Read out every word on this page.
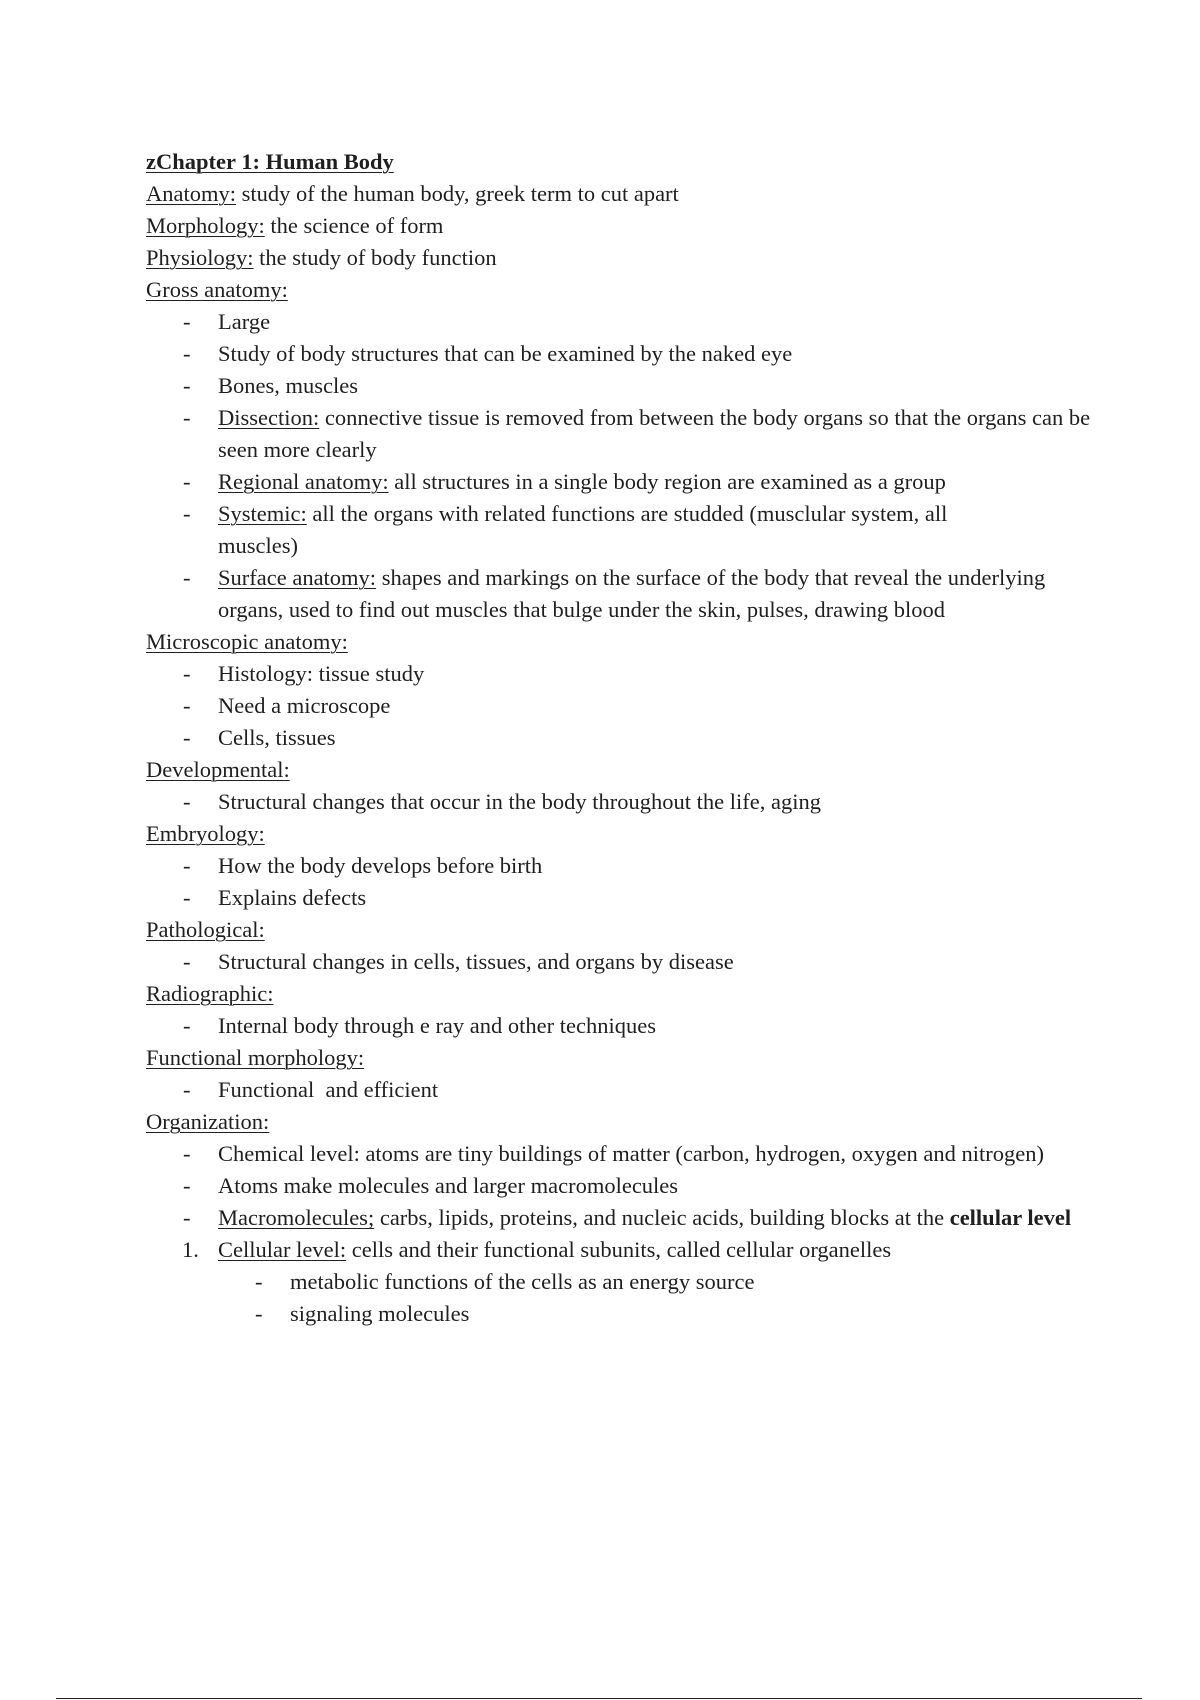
zChapter 1: Human Body
Anatomy: study of the human body, greek term to cut apart
Morphology: the science of form
Physiology: the study of body function
Gross anatomy:
- Large
- Study of body structures that can be examined by the naked eye
- Bones, muscles
- Dissection: connective tissue is removed from between the body organs so that the organs can be seen more clearly
- Regional anatomy: all structures in a single body region are examined as a group
- Systemic: all the organs with related functions are studded (musclular system, all muscles)
- Surface anatomy: shapes and markings on the surface of the body that reveal the underlying organs, used to find out muscles that bulge under the skin, pulses, drawing blood
Microscopic anatomy:
- Histology: tissue study
- Need a microscope
- Cells, tissues
Developmental:
- Structural changes that occur in the body throughout the life, aging
Embryology:
- How the body develops before birth
- Explains defects
Pathological:
- Structural changes in cells, tissues, and organs by disease
Radiographic:
- Internal body through e ray and other techniques
Functional morphology:
- Functional  and efficient
Organization:
- Chemical level: atoms are tiny buildings of matter (carbon, hydrogen, oxygen and nitrogen)
- Atoms make molecules and larger macromolecules
- Macromolecules; carbs, lipids, proteins, and nucleic acids, building blocks at the cellular level
1. Cellular level: cells and their functional subunits, called cellular organelles
- metabolic functions of the cells as an energy source
- signaling molecules
